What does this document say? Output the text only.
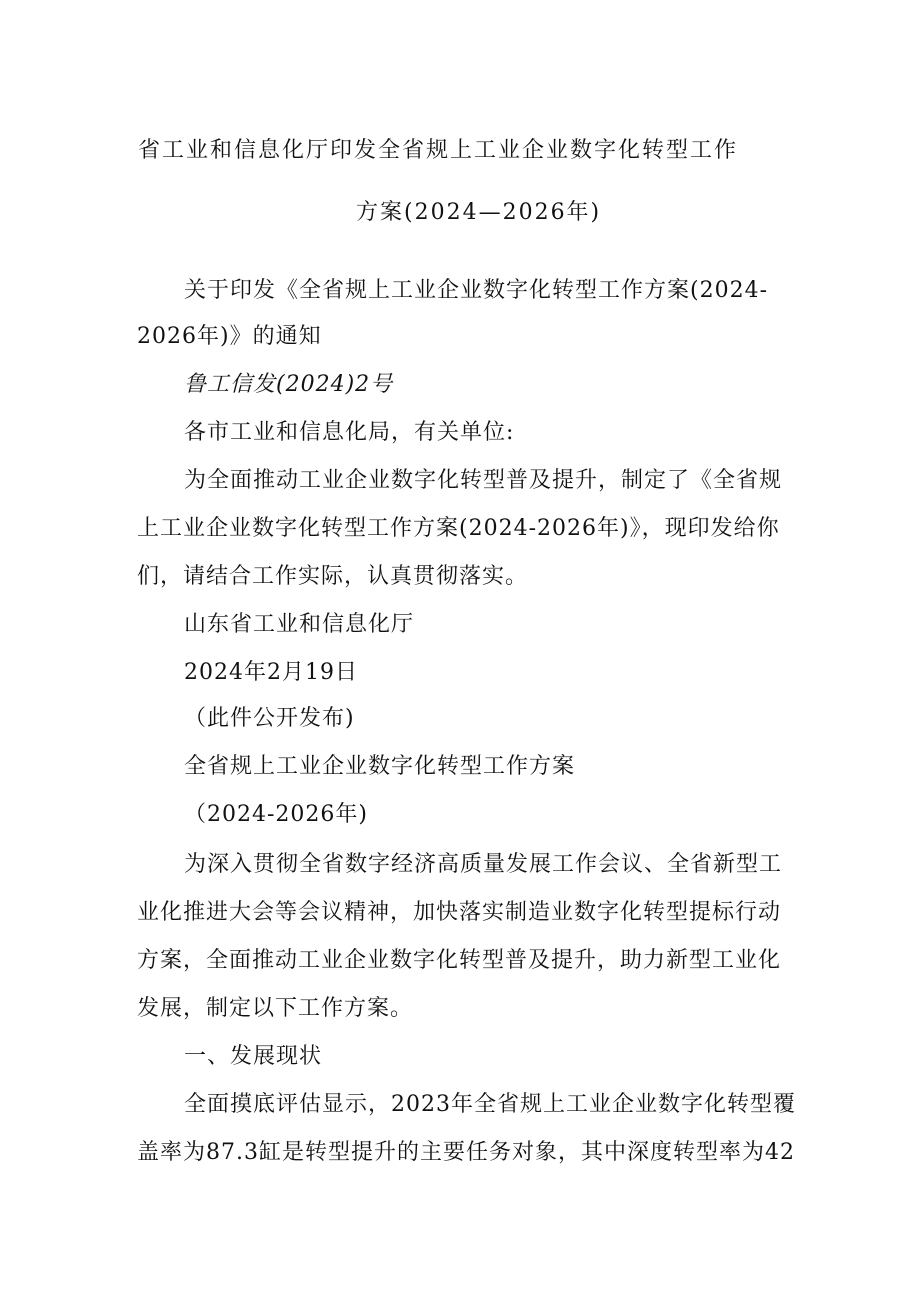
省工业和信息化厅印发全省规上工业企业数字化转型工作
方案(2024—2026年)
关于印发《全省规上工业企业数字化转型工作方案(2024-
2026年)》的通知
鲁工信发(2024)2号
各市工业和信息化局，有关单位:
为全面推动工业企业数字化转型普及提升，制定了《全省规
上工业企业数字化转型工作方案(2024-2026年)》，现印发给你
们，请结合工作实际，认真贯彻落实。
山东省工业和信息化厅
2024年2月19日
（此件公开发布)
全省规上工业企业数字化转型工作方案
（2024-2026年)
为深入贯彻全省数字经济高质量发展工作会议、全省新型工
业化推进大会等会议精神，加快落实制造业数字化转型提标行动
方案，全面推动工业企业数字化转型普及提升，助力新型工业化
发展，制定以下工作方案。
一、发展现状
全面摸底评估显示，2023年全省规上工业企业数字化转型覆
盖率为87.3缸是转型提升的主要任务对象，其中深度转型率为42
